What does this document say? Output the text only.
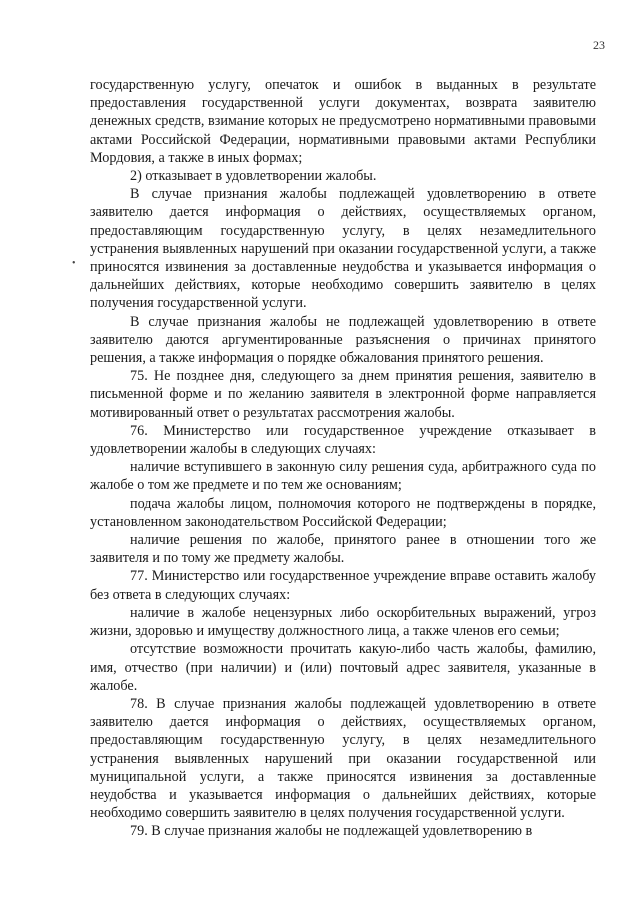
23
•

государственную услугу, опечаток и ошибок в выданных в результате предоставления государственной услуги документах, возврата заявителю денежных средств, взимание которых не предусмотрено нормативными правовыми актами Российской Федерации, нормативными правовыми актами Республики Мордовия, а также в иных формах;

2) отказывает в удовлетворении жалобы.

В случае признания жалобы подлежащей удовлетворению в ответе заявителю дается информация о действиях, осуществляемых органом, предоставляющим государственную услугу, в целях незамедлительного устранения выявленных нарушений при оказании государственной услуги, а также приносятся извинения за доставленные неудобства и указывается информация о дальнейших действиях, которые необходимо совершить заявителю в целях получения государственной услуги.

В случае признания жалобы не подлежащей удовлетворению в ответе заявителю даются аргументированные разъяснения о причинах принятого решения, а также информация о порядке обжалования принятого решения.

75. Не позднее дня, следующего за днем принятия решения, заявителю в письменной форме и по желанию заявителя в электронной форме направляется мотивированный ответ о результатах рассмотрения жалобы.

76. Министерство или государственное учреждение отказывает в удовлетворении жалобы в следующих случаях:

наличие вступившего в законную силу решения суда, арбитражного суда по жалобе о том же предмете и по тем же основаниям;

подача жалобы лицом, полномочия которого не подтверждены в порядке, установленном законодательством Российской Федерации;

наличие решения по жалобе, принятого ранее в отношении того же заявителя и по тому же предмету жалобы.

77. Министерство или государственное учреждение вправе оставить жалобу без ответа в следующих случаях:

наличие в жалобе нецензурных либо оскорбительных выражений, угроз жизни, здоровью и имуществу должностного лица, а также членов его семьи;

отсутствие возможности прочитать какую-либо часть жалобы, фамилию, имя, отчество (при наличии) и (или) почтовый адрес заявителя, указанные в жалобе.

78. В случае признания жалобы подлежащей удовлетворению в ответе заявителю дается информация о действиях, осуществляемых органом, предоставляющим государственную услугу, в целях незамедлительного устранения выявленных нарушений при оказании государственной или муниципальной услуги, а также приносятся извинения за доставленные неудобства и указывается информация о дальнейших действиях, которые необходимо совершить заявителю в целях получения государственной услуги.

79. В случае признания жалобы не подлежащей удовлетворению в
